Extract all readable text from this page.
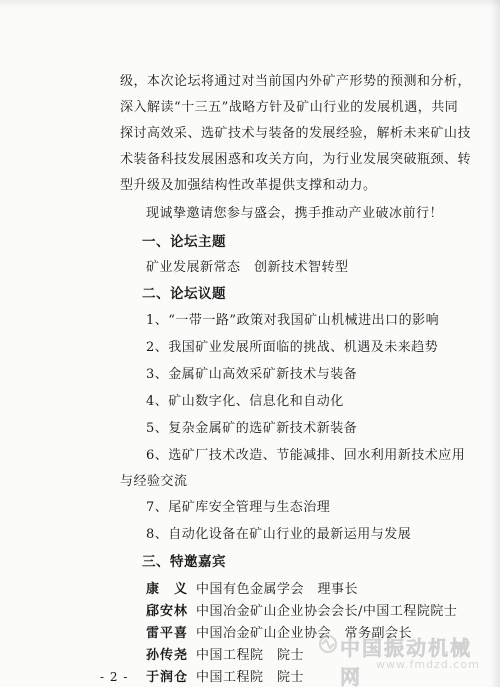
级，本次论坛将通过对当前国内外矿产形势的预测和分析，
深入解读“十三五”战略方针及矿山行业的发展机遇，共同
探讨高效采、选矿技术与装备的发展经验，解析未来矿山技
术装备科技发展困惑和攻关方向，为行业发展突破瓶颈、转
型升级及加强结构性改革提供支撑和动力。
现诚挚邀请您参与盛会，携手推动产业破冰前行！
一、论坛主题
矿业发展新常态　创新技术智转型
二、论坛议题
1、“一带一路”政策对我国矿山机械进出口的影响
2、我国矿业发展所面临的挑战、机遇及未来趋势
3、金属矿山高效采矿新技术与装备
4、矿山数字化、信息化和自动化
5、复杂金属矿的选矿新技术新装备
6、选矿厂技术改造、节能减排、回水利用新技术应用
与经验交流
7、尾矿库安全管理与生态治理
8、自动化设备在矿山行业的最新运用与发展
三、特邀嘉宾
康　义 中国有色金属学会　理事长
郈安林 中国冶金矿山企业协会会长/中国工程院院士
雷平喜 中国冶金矿山企业协会　常务副会长
孙传尧 中国工程院　院士 中国振动机械网
www.fmdzd.com
于润仓 中国工程院　院士
- 2 -
